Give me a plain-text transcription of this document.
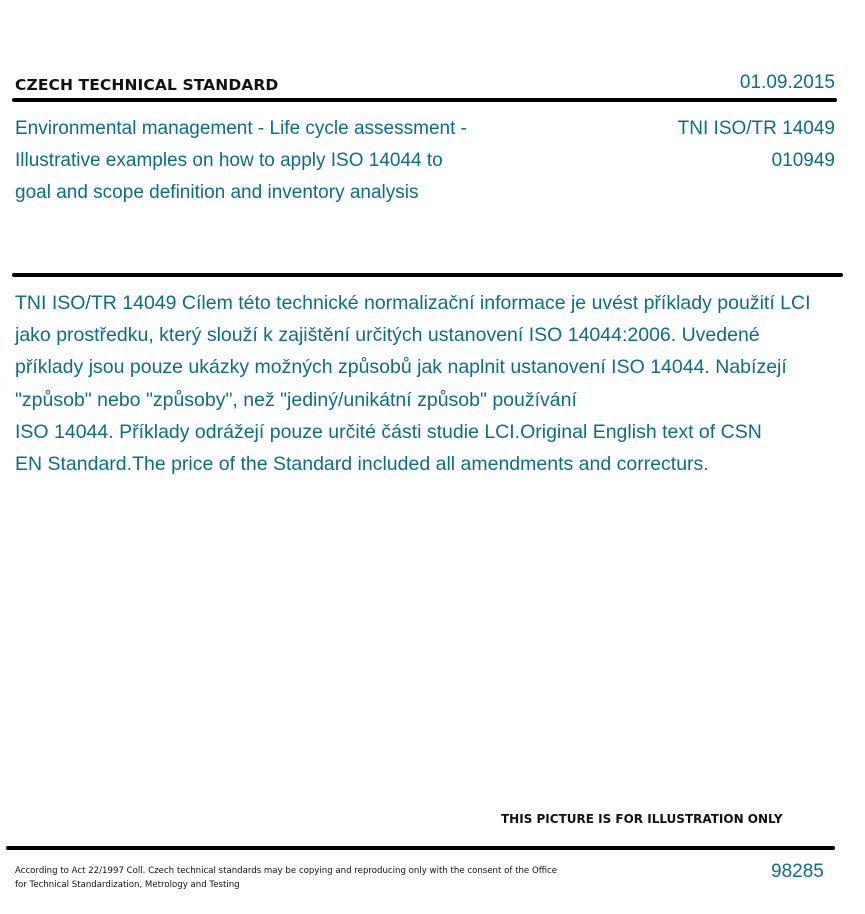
CZECH TECHNICAL STANDARD	01.09.2015
Environmental management - Life cycle assessment -
Illustrative examples on how to apply ISO 14044 to
goal and scope definition and inventory analysis
TNI ISO/TR 14049
010949
TNI ISO/TR 14049 Cílem této technické normalizační informace je uvést příklady použití LCI
jako prostředku, který slouží k zajištění určitých ustanovení ISO 14044:2006. Uvedené
příklady jsou pouze ukázky možných způsobů jak naplnit ustanovení ISO 14044. Nabízejí
"způsob" nebo "způsoby", než "jediný/unikátní způsob" používání
ISO 14044. Příklady odrážejí pouze určité části studie LCI.Original English text of CSN
EN Standard.The price of the Standard included all amendments and correcturs.
THIS PICTURE IS FOR ILLUSTRATION ONLY
According to Act 22/1997 Coll. Czech technical standards may be copying and reproducing only with the consent of the Office
for Technical Standardization, Metrology and Testing
98285
